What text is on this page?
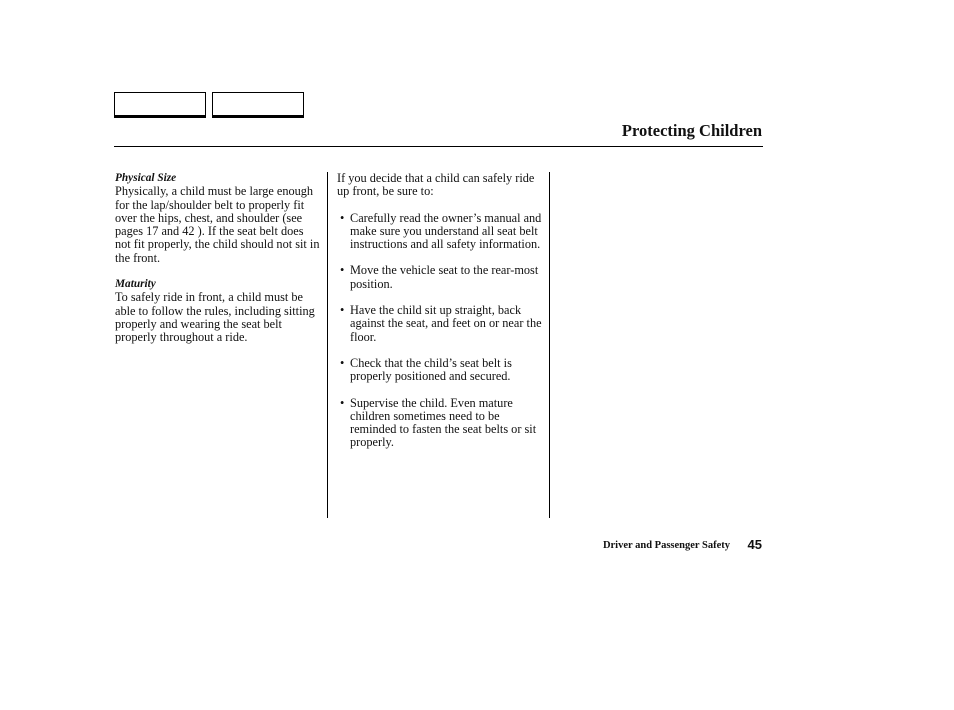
Protecting Children
Physical Size

Physically, a child must be large enough for the lap/shoulder belt to properly fit over the hips, chest, and shoulder (see pages 17 and 42 ). If the seat belt does not fit properly, the child should not sit in the front.

Maturity

To safely ride in front, a child must be able to follow the rules, including sitting properly and wearing the seat belt properly throughout a ride.

If you decide that a child can safely ride up front, be sure to:

• Carefully read the owner’s manual and make sure you understand all seat belt instructions and all safety information.
• Move the vehicle seat to the rear-most position.
• Have the child sit up straight, back against the seat, and feet on or near the floor.
• Check that the child’s seat belt is properly positioned and secured.
• Supervise the child. Even mature children sometimes need to be reminded to fasten the seat belts or sit properly.
Driver and Passenger Safety 45
